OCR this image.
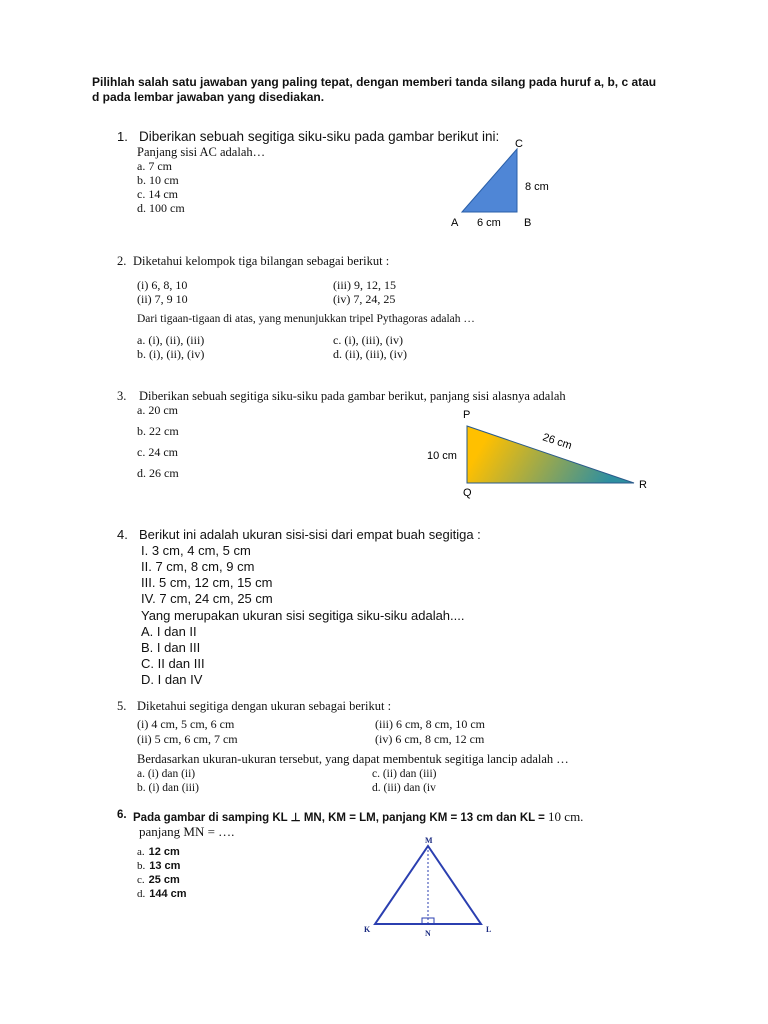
Pilihlah salah satu jawaban yang paling tepat, dengan memberi tanda silang pada huruf a, b, c atau
d pada lembar jawaban yang disediakan.
1. Diberikan sebuah segitiga siku-siku pada gambar berikut ini:
Panjang sisi AC adalah…
a. 7 cm
b. 10 cm
c. 14 cm
d. 100 cm
C
8 cm
A 6 cm B
2. Diketahui kelompok tiga bilangan sebagai berikut :
(i) 6, 8, 10
(ii) 7, 9 10
(iii) 9, 12, 15
(iv) 7, 24, 25
Dari tigaan-tigaan di atas, yang menunjukkan tripel Pythagoras adalah …
a. (i), (ii), (iii)
b. (i), (ii), (iv)
c. (i), (iii), (iv)
d. (ii), (iii), (iv)
3. Diberikan sebuah segitiga siku-siku pada gambar berikut, panjang sisi alasnya adalah
a. 20 cm
b. 22 cm
c. 24 cm
d. 26 cm
P
10 cm
26 cm
Q
R
4. Berikut ini adalah ukuran sisi-sisi dari empat buah segitiga :
I. 3 cm, 4 cm, 5 cm
II. 7 cm, 8 cm, 9 cm
III. 5 cm, 12 cm, 15 cm
IV. 7 cm, 24 cm, 25 cm
Yang merupakan ukuran sisi segitiga siku-siku adalah....
A. I dan II
B. I dan III
C. II dan III
D. I dan IV
5. Diketahui segitiga dengan ukuran sebagai berikut :
(i) 4 cm, 5 cm, 6 cm
(ii) 5 cm, 6 cm, 7 cm
(iii) 6 cm, 8 cm, 10 cm
(iv) 6 cm, 8 cm, 12 cm
Berdasarkan ukuran-ukuran tersebut, yang dapat membentuk segitiga lancip adalah …
a. (i) dan (ii)
b. (i) dan (iii)
c. (ii) dan (iii)
d. (iii) dan (iv
6. Pada gambar di samping KL ⊥ MN, KM = LM, panjang KM = 13 cm dan KL = 10 cm.
panjang MN = ….
a. 12 cm
b. 13 cm
c. 25 cm
d. 144 cm
M
K	N	L
